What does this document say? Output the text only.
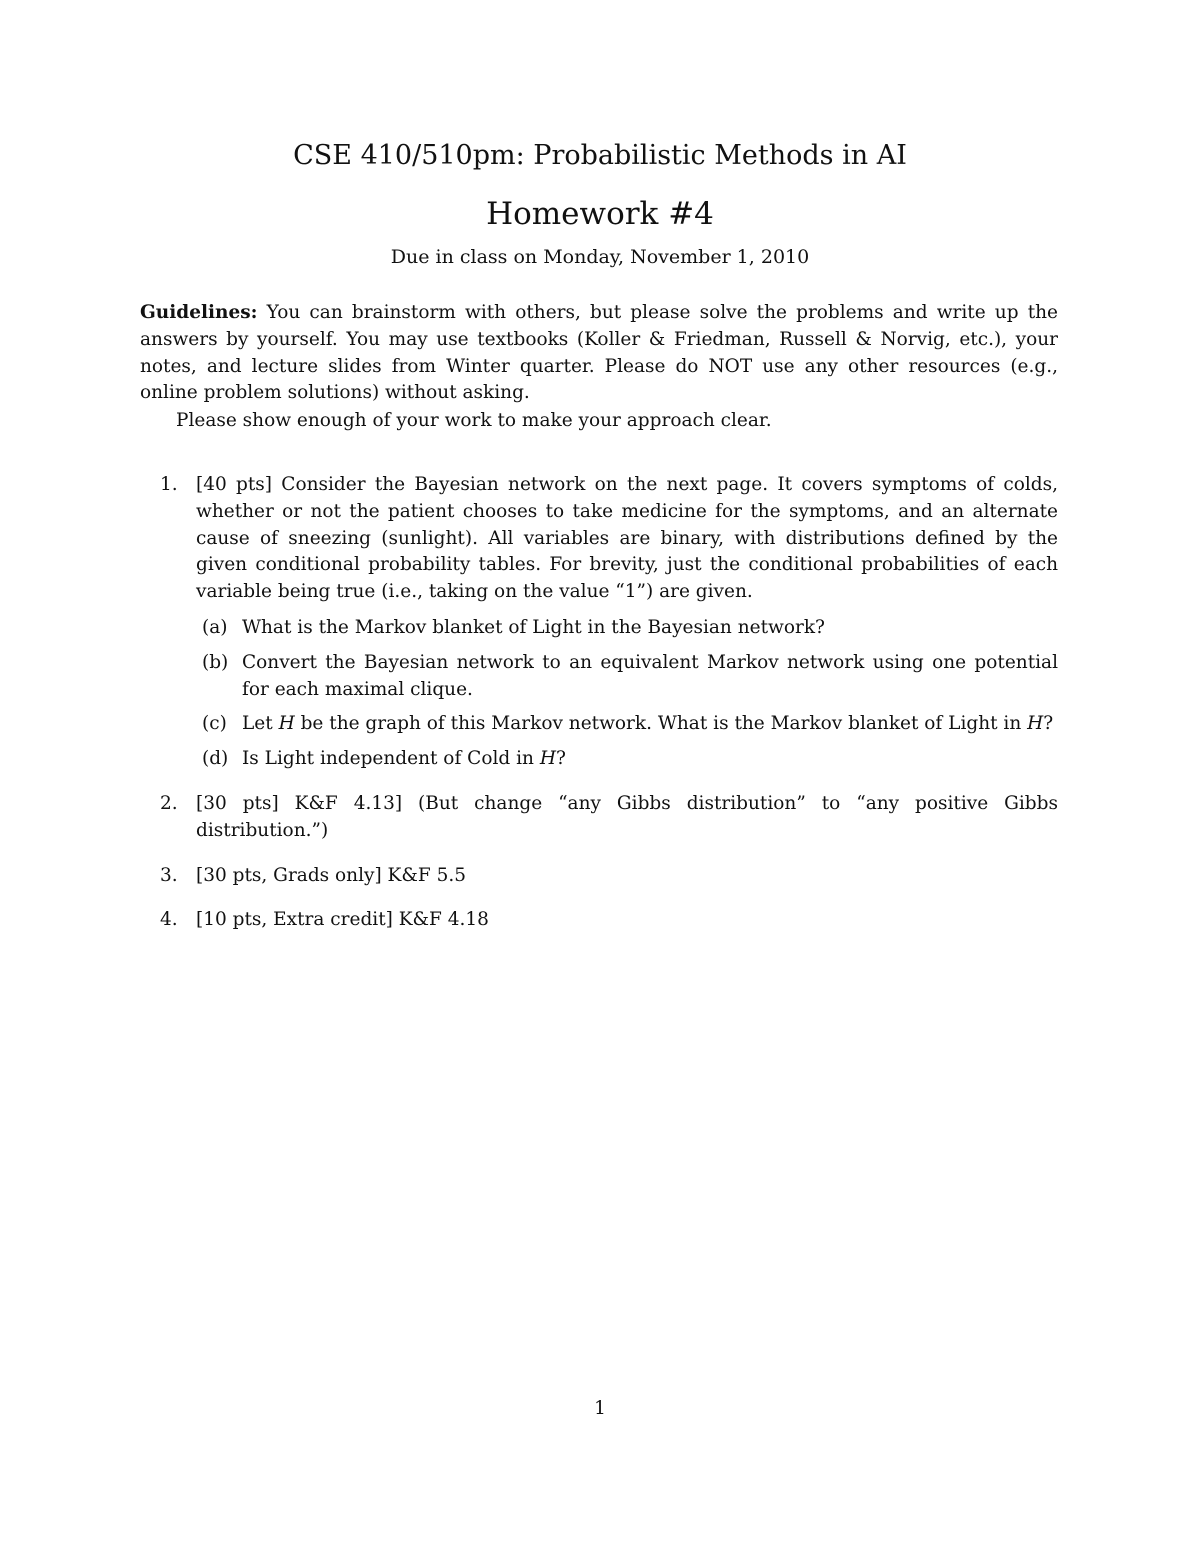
CSE 410/510pm: Probabilistic Methods in AI
Homework #4
Due in class on Monday, November 1, 2010

Guidelines: You can brainstorm with others, but please solve the problems and write up the answers by yourself. You may use textbooks (Koller & Friedman, Russell & Norvig, etc.), your notes, and lecture slides from Winter quarter. Please do NOT use any other resources (e.g., online problem solutions) without asking.

Please show enough of your work to make your approach clear.

1. [40 pts] Consider the Bayesian network on the next page. It covers symptoms of colds, whether or not the patient chooses to take medicine for the symptoms, and an alternate cause of sneezing (sunlight). All variables are binary, with distributions defined by the given conditional probability tables. For brevity, just the conditional probabilities of each variable being true (i.e., taking on the value “1”) are given.
(a) What is the Markov blanket of Light in the Bayesian network?
(b) Convert the Bayesian network to an equivalent Markov network using one potential for each maximal clique.
(c) Let H be the graph of this Markov network. What is the Markov blanket of Light in H?
(d) Is Light independent of Cold in H?
2. [30 pts] K&F 4.13] (But change “any Gibbs distribution” to “any positive Gibbs distribution.”)
3. [30 pts, Grads only] K&F 5.5
4. [10 pts, Extra credit] K&F 4.18
1
